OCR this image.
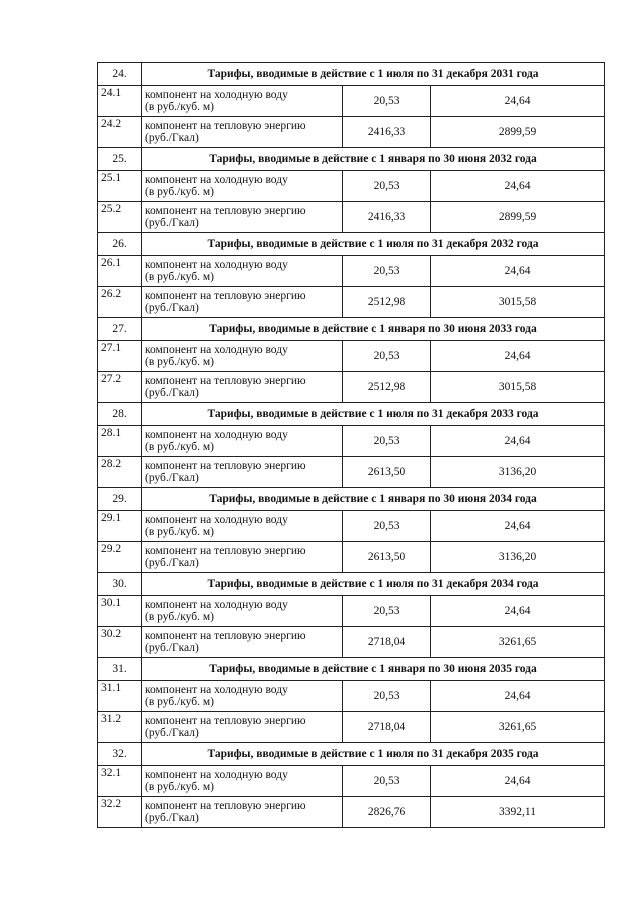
24.	Тарифы, вводимые в действие с 1 июля по 31 декабря 2031 года		
24.1	компонент на холодную воду
(в руб./куб. м)	20,53	24,64
24.2	компонент на тепловую энергию
(руб./Гкал)	2416,33	2899,59
25.	Тарифы, вводимые в действие с 1 января по 30 июня 2032 года		
25.1	компонент на холодную воду
(в руб./куб. м)	20,53	24,64
25.2	компонент на тепловую энергию
(руб./Гкал)	2416,33	2899,59
26.	Тарифы, вводимые в действие с 1 июля по 31 декабря 2032 года		
26.1	компонент на холодную воду
(в руб./куб. м)	20,53	24,64
26.2	компонент на тепловую энергию
(руб./Гкал)	2512,98	3015,58
27.	Тарифы, вводимые в действие с 1 января по 30 июня 2033 года		
27.1	компонент на холодную воду
(в руб./куб. м)	20,53	24,64
27.2	компонент на тепловую энергию
(руб./Гкал)	2512,98	3015,58
28.	Тарифы, вводимые в действие с 1 июля по 31 декабря 2033 года		
28.1	компонент на холодную воду
(в руб./куб. м)	20,53	24,64
28.2	компонент на тепловую энергию
(руб./Гкал)	2613,50	3136,20
29.	Тарифы, вводимые в действие с 1 января по 30 июня 2034 года		
29.1	компонент на холодную воду
(в руб./куб. м)	20,53	24,64
29.2	компонент на тепловую энергию
(руб./Гкал)	2613,50	3136,20
30.	Тарифы, вводимые в действие с 1 июля по 31 декабря 2034 года		
30.1	компонент на холодную воду
(в руб./куб. м)	20,53	24,64
30.2	компонент на тепловую энергию
(руб./Гкал)	2718,04	3261,65
31.	Тарифы, вводимые в действие с 1 января по 30 июня 2035 года		
31.1	компонент на холодную воду
(в руб./куб. м)	20,53	24,64
31.2	компонент на тепловую энергию
(руб./Гкал)	2718,04	3261,65
32.	Тарифы, вводимые в действие с 1 июля по 31 декабря 2035 года		
32.1	компонент на холодную воду
(в руб./куб. м)	20,53	24,64
32.2	компонент на тепловую энергию
(руб./Гкал)	2826,76	3392,11
